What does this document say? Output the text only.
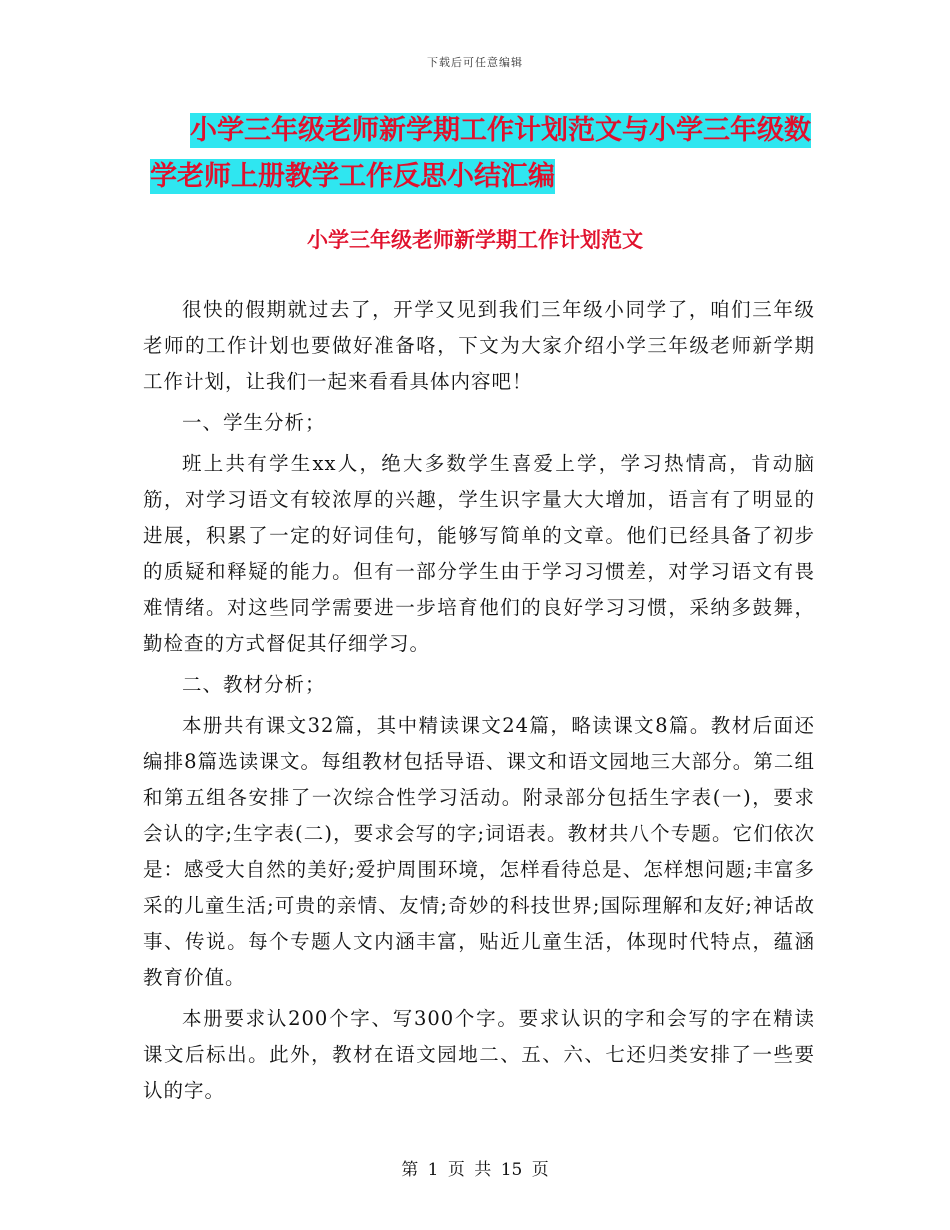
下载后可任意编辑
小学三年级老师新学期工作计划范文与小学三年级数
学老师上册教学工作反思小结汇编
小学三年级老师新学期工作计划范文

很快的假期就过去了，开学又见到我们三年级小同学了，咱们三年级老师的工作计划也要做好准备咯，下文为大家介绍小学三年级老师新学期工作计划，让我们一起来看看具体内容吧！

一、学生分析；

班上共有学生xx人，绝大多数学生喜爱上学，学习热情高，肯动脑筋，对学习语文有较浓厚的兴趣，学生识字量大大增加，语言有了明显的进展，积累了一定的好词佳句，能够写简单的文章。他们已经具备了初步的质疑和释疑的能力。但有一部分学生由于学习习惯差，对学习语文有畏难情绪。对这些同学需要进一步培育他们的良好学习习惯，采纳多鼓舞，勤检查的方式督促其仔细学习。

二、教材分析；

本册共有课文32篇，其中精读课文24篇，略读课文8篇。教材后面还编排8篇选读课文。每组教材包括导语、课文和语文园地三大部分。第二组和第五组各安排了一次综合性学习活动。附录部分包括生字表(一)，要求会认的字;生字表(二)，要求会写的字;词语表。教材共八个专题。它们依次是：感受大自然的美好;爱护周围环境，怎样看待总是、怎样想问题;丰富多采的儿童生活;可贵的亲情、友情;奇妙的科技世界;国际理解和友好;神话故事、传说。每个专题人文内涵丰富，贴近儿童生活，体现时代特点，蕴涵教育价值。

本册要求认200个字、写300个字。要求认识的字和会写的字在精读课文后标出。此外，教材在语文园地二、五、六、七还归类安排了一些要认的字。

第 1 页 共 15 页
